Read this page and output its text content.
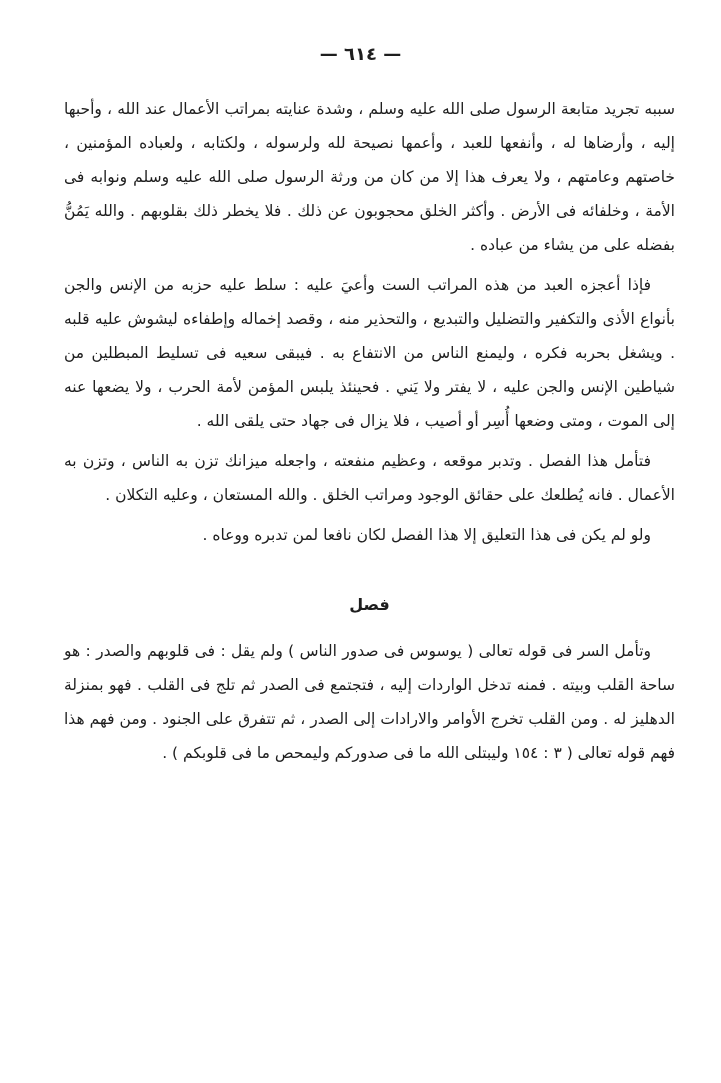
— ٦١٤ —

سببه تجريد متابعة الرسول صلى الله عليه وسلم ، وشدة عنايته بمراتب الأعمال عند الله ، وأحبها إليه ، وأرضاها له ، وأنفعها للعبد ، وأعمها نصيحة لله ولرسوله ، ولكتابه ، ولعباده المؤمنين ، خاصتهم وعامتهم ، ولا يعرف هذا إلا من كان من ورثة الرسول صلى الله عليه وسلم ونوابه فى الأمة ، وخلفائه فى الأرض . وأكثر الخلق محجوبون عن ذلك . فلا يخطر ذلك بقلوبهم . والله يَمُنُّ بفضله على من يشاء من عباده .

فإذا أعجزه العبد من هذه المراتب الست وأعيَ عليه : سلط عليه حزبه من الإنس والجن بأنواع الأذى والتكفير والتضليل والتبديع ، والتحذير منه ، وقصد إخماله وإطفاءه ليشوش عليه قلبه . ويشغل بحربه فكره ، وليمنع الناس من الانتفاع به . فيبقى سعيه فى تسليط المبطلين من شياطين الإنس والجن عليه ، لا يفتر ولا يَني . فحينئذ يلبس المؤمن لأمة الحرب ، ولا يضعها عنه إلى الموت ، ومتى وضعها أُسِر أو أصيب ، فلا يزال فى جهاد حتى يلقى الله .

فتأمل هذا الفصل . وتدبر موقعه ، وعظيم منفعته ، واجعله ميزانك تزن به الناس ، وتزن به الأعمال . فانه يُطلعك على حقائق الوجود ومراتب الخلق . والله المستعان ، وعليه التكلان .

ولو لم يكن فى هذا التعليق إلا هذا الفصل لكان نافعا لمن تدبره ووعاه .

فصل

وتأمل السر فى قوله تعالى ( يوسوس فى صدور الناس ) ولم يقل : فى قلوبهم والصدر : هو ساحة القلب وبيته . فمنه تدخل الواردات إليه ، فتجتمع فى الصدر ثم تلج فى القلب . فهو بمنزلة الدهليز له . ومن القلب تخرج الأوامر والارادات إلى الصدر ، ثم تتفرق على الجنود . ومن فهم هذا فهم قوله تعالى ( ٣ : ١٥٤ وليبتلى الله ما فى صدوركم وليمحص ما فى قلوبكم ) .
